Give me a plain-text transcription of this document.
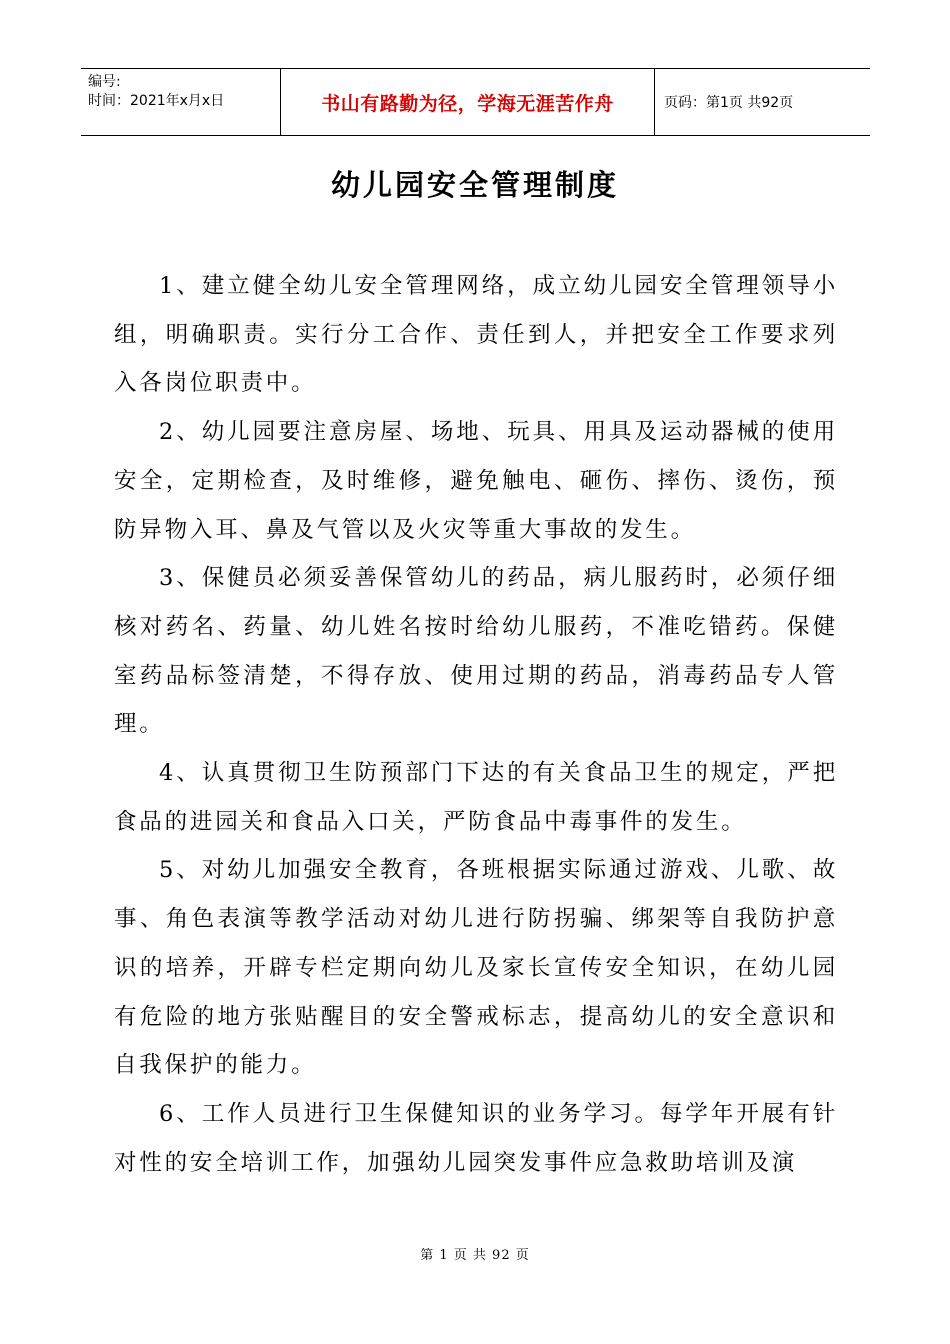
编号:
时间：2021年x月x日	书山有路勤为径，学海无涯苦作舟	页码：第1页 共92页
幼儿园安全管理制度

1、建立健全幼儿安全管理网络，成立幼儿园安全管理领导小组，明确职责。实行分工合作、责任到人，并把安全工作要求列入各岗位职责中。

2、幼儿园要注意房屋、场地、玩具、用具及运动器械的使用安全，定期检查，及时维修，避免触电、砸伤、摔伤、烫伤，预防异物入耳、鼻及气管以及火灾等重大事故的发生。

3、保健员必须妥善保管幼儿的药品，病儿服药时，必须仔细核对药名、药量、幼儿姓名按时给幼儿服药，不准吃错药。保健室药品标签清楚，不得存放、使用过期的药品，消毒药品专人管理。

4、认真贯彻卫生防预部门下达的有关食品卫生的规定，严把食品的进园关和食品入口关，严防食品中毒事件的发生。

5、对幼儿加强安全教育，各班根据实际通过游戏、儿歌、故事、角色表演等教学活动对幼儿进行防拐骗、绑架等自我防护意识的培养，开辟专栏定期向幼儿及家长宣传安全知识，在幼儿园有危险的地方张贴醒目的安全警戒标志，提高幼儿的安全意识和自我保护的能力。

6、工作人员进行卫生保健知识的业务学习。每学年开展有针对性的安全培训工作，加强幼儿园突发事件应急救助培训及演

第 1 页 共 92 页
